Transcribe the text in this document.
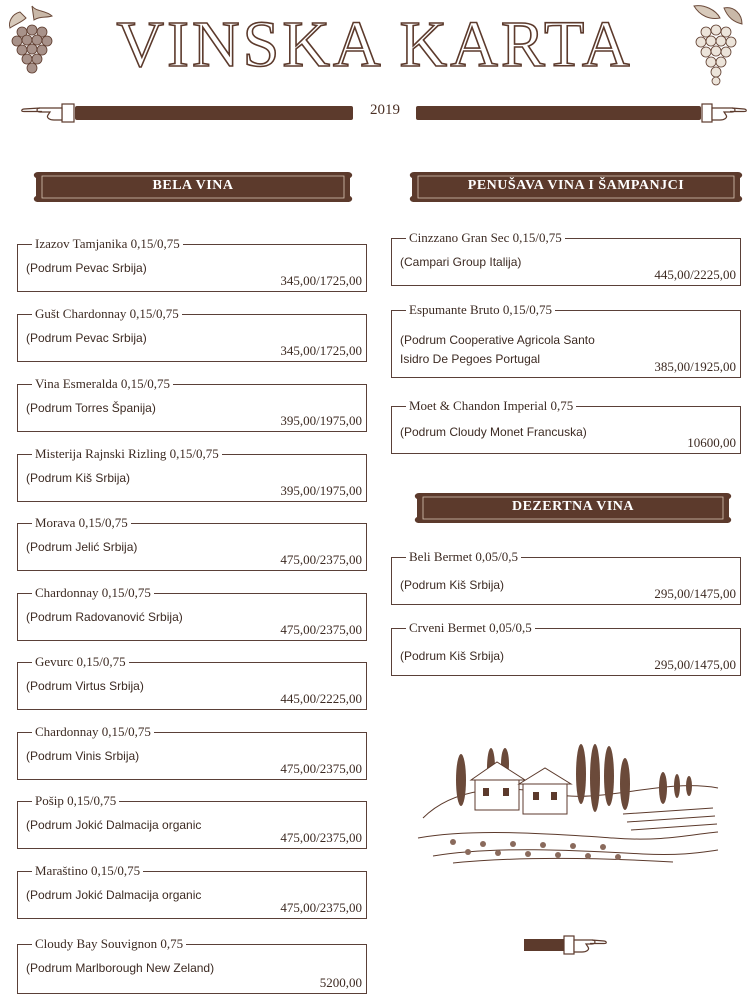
VINSKA KARTA
2019
BELA VINA	PENUŠAVA VINA I ŠAMPANJCI
DEZERTNA VINA
Izazov Tamjanika 0,15/0,75
(Podrum Pevac Srbija)
345,00/1725,00
Gušt Chardonnay 0,15/0,75
(Podrum Pevac Srbija)
345,00/1725,00
Vina Esmeralda 0,15/0,75
(Podrum Torres Španija)
395,00/1975,00
Misterija Rajnski Rizling 0,15/0,75
(Podrum Kiš Srbija)
395,00/1975,00
Morava 0,15/0,75
(Podrum Jelić Srbija)
475,00/2375,00
Chardonnay 0,15/0,75
(Podrum Radovanović Srbija)
475,00/2375,00
Gevurc 0,15/0,75
(Podrum Virtus Srbija)
445,00/2225,00
Chardonnay 0,15/0,75
(Podrum Vinis Srbija)
475,00/2375,00
Pošip 0,15/0,75
(Podrum Jokić Dalmacija organic
475,00/2375,00
Maraštino 0,15/0,75
(Podrum Jokić Dalmacija organic
475,00/2375,00
Cloudy Bay Souvignon 0,75
(Podrum Marlborough New Zeland)
5200,00
Cinzzano Gran Sec 0,15/0,75
(Campari Group Italija)
445,00/2225,00
Espumante Bruto 0,15/0,75
(Podrum Cooperative Agricola Santo
Isidro De Pegoes Portugal	385,00/1925,00
Moet & Chandon Imperial 0,75
(Podrum Cloudy Monet Francuska)
10600,00
Beli Bermet 0,05/0,5
(Podrum Kiš Srbija)
295,00/1475,00
Crveni Bermet 0,05/0,5
(Podrum Kiš Srbija)
295,00/1475,00
